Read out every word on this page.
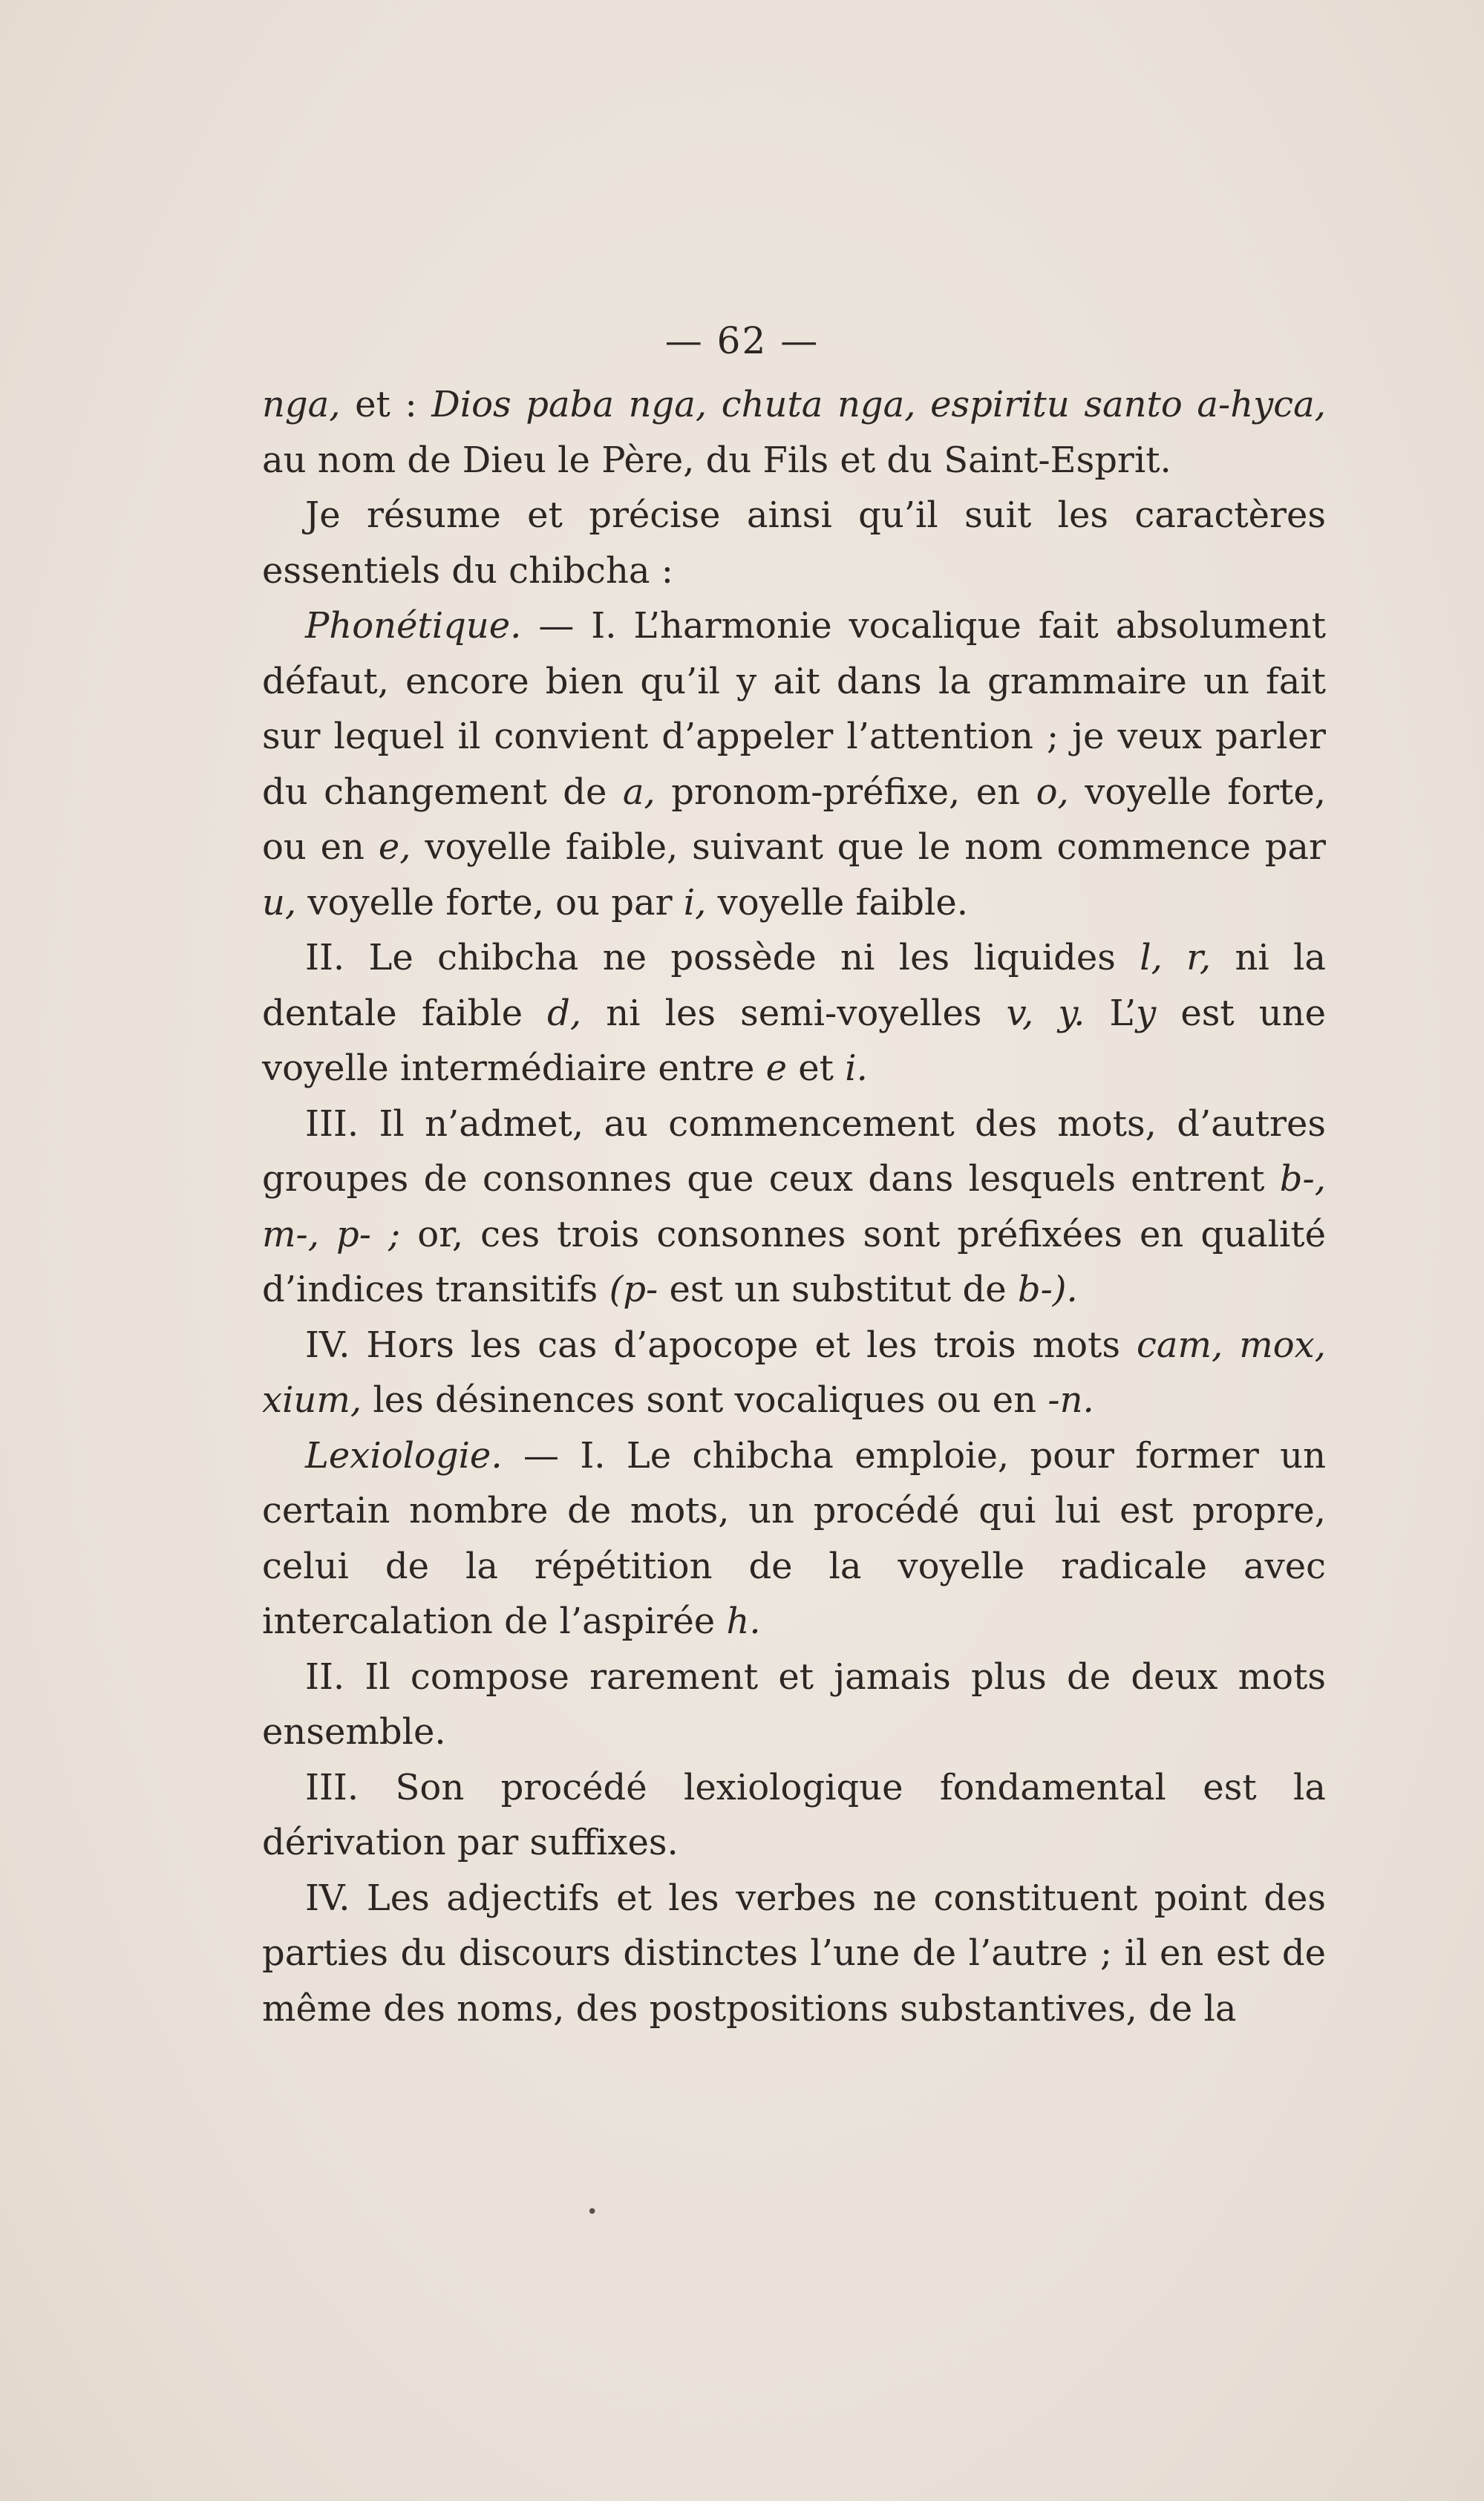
— 62 —

nga, et : Dios paba nga, chuta nga, espiritu santo a-hyca, au nom de Dieu le Père, du Fils et du Saint-Esprit.

Je résume et précise ainsi qu’il suit les caractères essentiels du chibcha :

Phonétique. — I. L’harmonie vocalique fait absolument défaut, encore bien qu’il y ait dans la grammaire un fait sur lequel il convient d’appeler l’attention ; je veux parler du changement de a, pronom-préfixe, en o, voyelle forte, ou en e, voyelle faible, suivant que le nom commence par u, voyelle forte, ou par i, voyelle faible.

II. Le chibcha ne possède ni les liquides l, r, ni la dentale faible d, ni les semi-voyelles v, y. L’y est une voyelle intermédiaire entre e et i.

III. Il n’admet, au commencement des mots, d’autres groupes de consonnes que ceux dans lesquels entrent b-, m-, p- ; or, ces trois consonnes sont préfixées en qualité d’indices transitifs (p- est un substitut de b-).

IV. Hors les cas d’apocope et les trois mots cam, mox, xium, les désinences sont vocaliques ou en -n.

Lexiologie. — I. Le chibcha emploie, pour former un certain nombre de mots, un procédé qui lui est propre, celui de la répétition de la voyelle radicale avec intercalation de l’aspirée h.

II. Il compose rarement et jamais plus de deux mots ensemble.

III. Son procédé lexiologique fondamental est la dérivation par suffixes.

IV. Les adjectifs et les verbes ne constituent point des parties du discours distinctes l’une de l’autre ; il en est de même des noms, des postpositions substantives, de la

•
